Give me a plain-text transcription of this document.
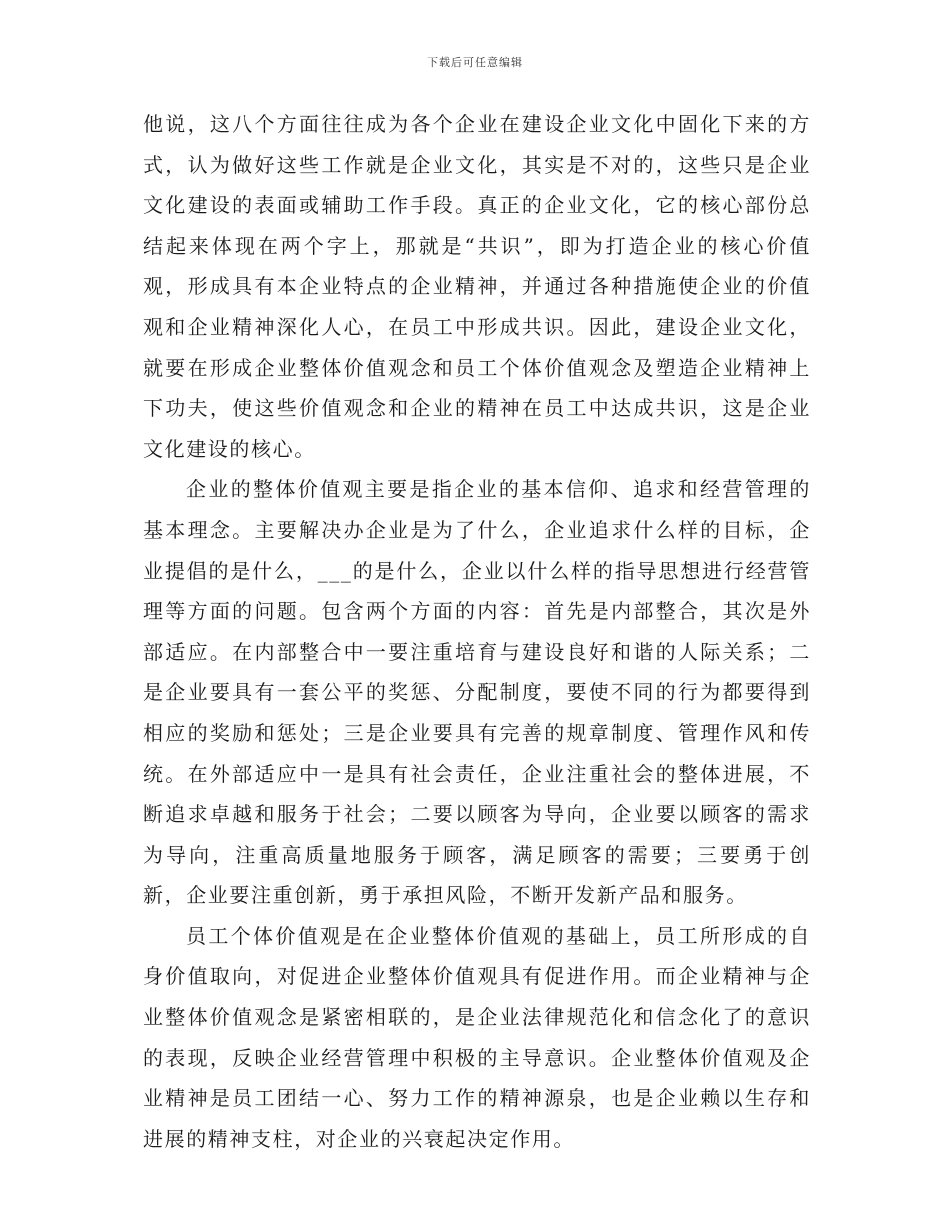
下载后可任意编辑

他说，这八个方面往往成为各个企业在建设企业文化中固化下来的方式，认为做好这些工作就是企业文化，其实是不对的，这些只是企业文化建设的表面或辅助工作手段。真正的企业文化，它的核心部份总结起来体现在两个字上，那就是“共识”，即为打造企业的核心价值观，形成具有本企业特点的企业精神，并通过各种措施使企业的价值观和企业精神深化人心，在员工中形成共识。因此，建设企业文化，就要在形成企业整体价值观念和员工个体价值观念及塑造企业精神上下功夫，使这些价值观念和企业的精神在员工中达成共识，这是企业文化建设的核心。

企业的整体价值观主要是指企业的基本信仰、追求和经营管理的基本理念。主要解决办企业是为了什么，企业追求什么样的目标，企业提倡的是什么，___的是什么，企业以什么样的指导思想进行经营管理等方面的问题。包含两个方面的内容：首先是内部整合，其次是外部适应。在内部整合中一要注重培育与建设良好和谐的人际关系；二是企业要具有一套公平的奖惩、分配制度，要使不同的行为都要得到相应的奖励和惩处；三是企业要具有完善的规章制度、管理作风和传统。在外部适应中一是具有社会责任，企业注重社会的整体进展，不断追求卓越和服务于社会；二要以顾客为导向，企业要以顾客的需求为导向，注重高质量地服务于顾客，满足顾客的需要；三要勇于创新，企业要注重创新，勇于承担风险，不断开发新产品和服务。

员工个体价值观是在企业整体价值观的基础上，员工所形成的自身价值取向，对促进企业整体价值观具有促进作用。而企业精神与企业整体价值观念是紧密相联的，是企业法律规范化和信念化了的意识的表现，反映企业经营管理中积极的主导意识。企业整体价值观及企业精神是员工团结一心、努力工作的精神源泉，也是企业赖以生存和进展的精神支柱，对企业的兴衰起决定作用。
